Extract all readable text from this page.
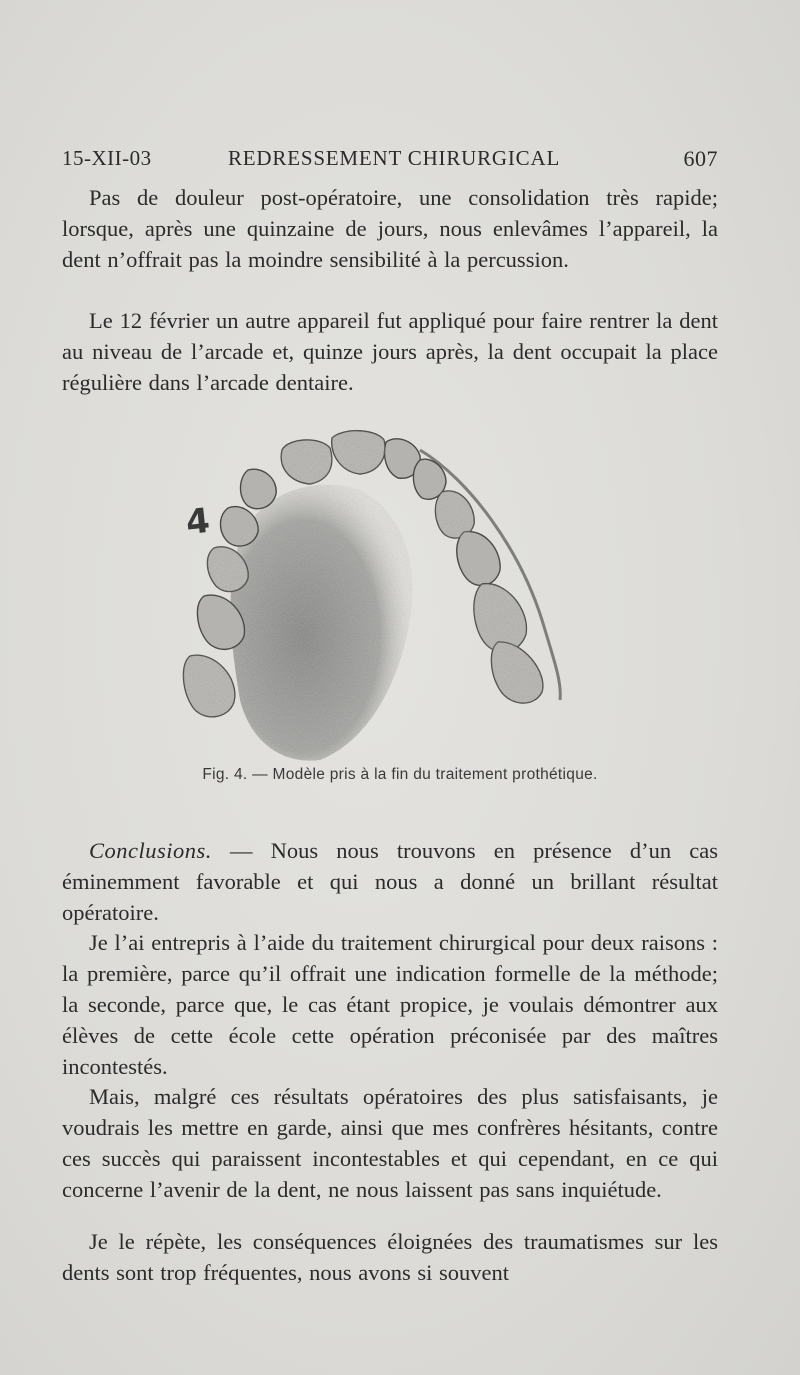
15-XII-03	REDRESSEMENT CHIRURGICAL	607

Pas de douleur post-opératoire, une consolidation très rapide; lorsque, après une quinzaine de jours, nous enlevâmes l’appareil, la dent n’offrait pas la moindre sensibilité à la percussion.

Le 12 février un autre appareil fut appliqué pour faire rentrer la dent au niveau de l’arcade et, quinze jours après, la dent occupait la place régulière dans l’arcade dentaire.

4
Fig. 4. — Modèle pris à la fin du traitement prothétique.

Conclusions. — Nous nous trouvons en présence d’un cas éminemment favorable et qui nous a donné un brillant résultat opératoire.

Je l’ai entrepris à l’aide du traitement chirurgical pour deux raisons : la première, parce qu’il offrait une indication formelle de la méthode; la seconde, parce que, le cas étant propice, je voulais démontrer aux élèves de cette école cette opération préconisée par des maîtres incontestés.

Mais, malgré ces résultats opératoires des plus satisfaisants, je voudrais les mettre en garde, ainsi que mes confrères hésitants, contre ces succès qui paraissent incontestables et qui cependant, en ce qui concerne l’avenir de la dent, ne nous laissent pas sans inquiétude.

Je le répète, les conséquences éloignées des traumatismes sur les dents sont trop fréquentes, nous avons si souvent
